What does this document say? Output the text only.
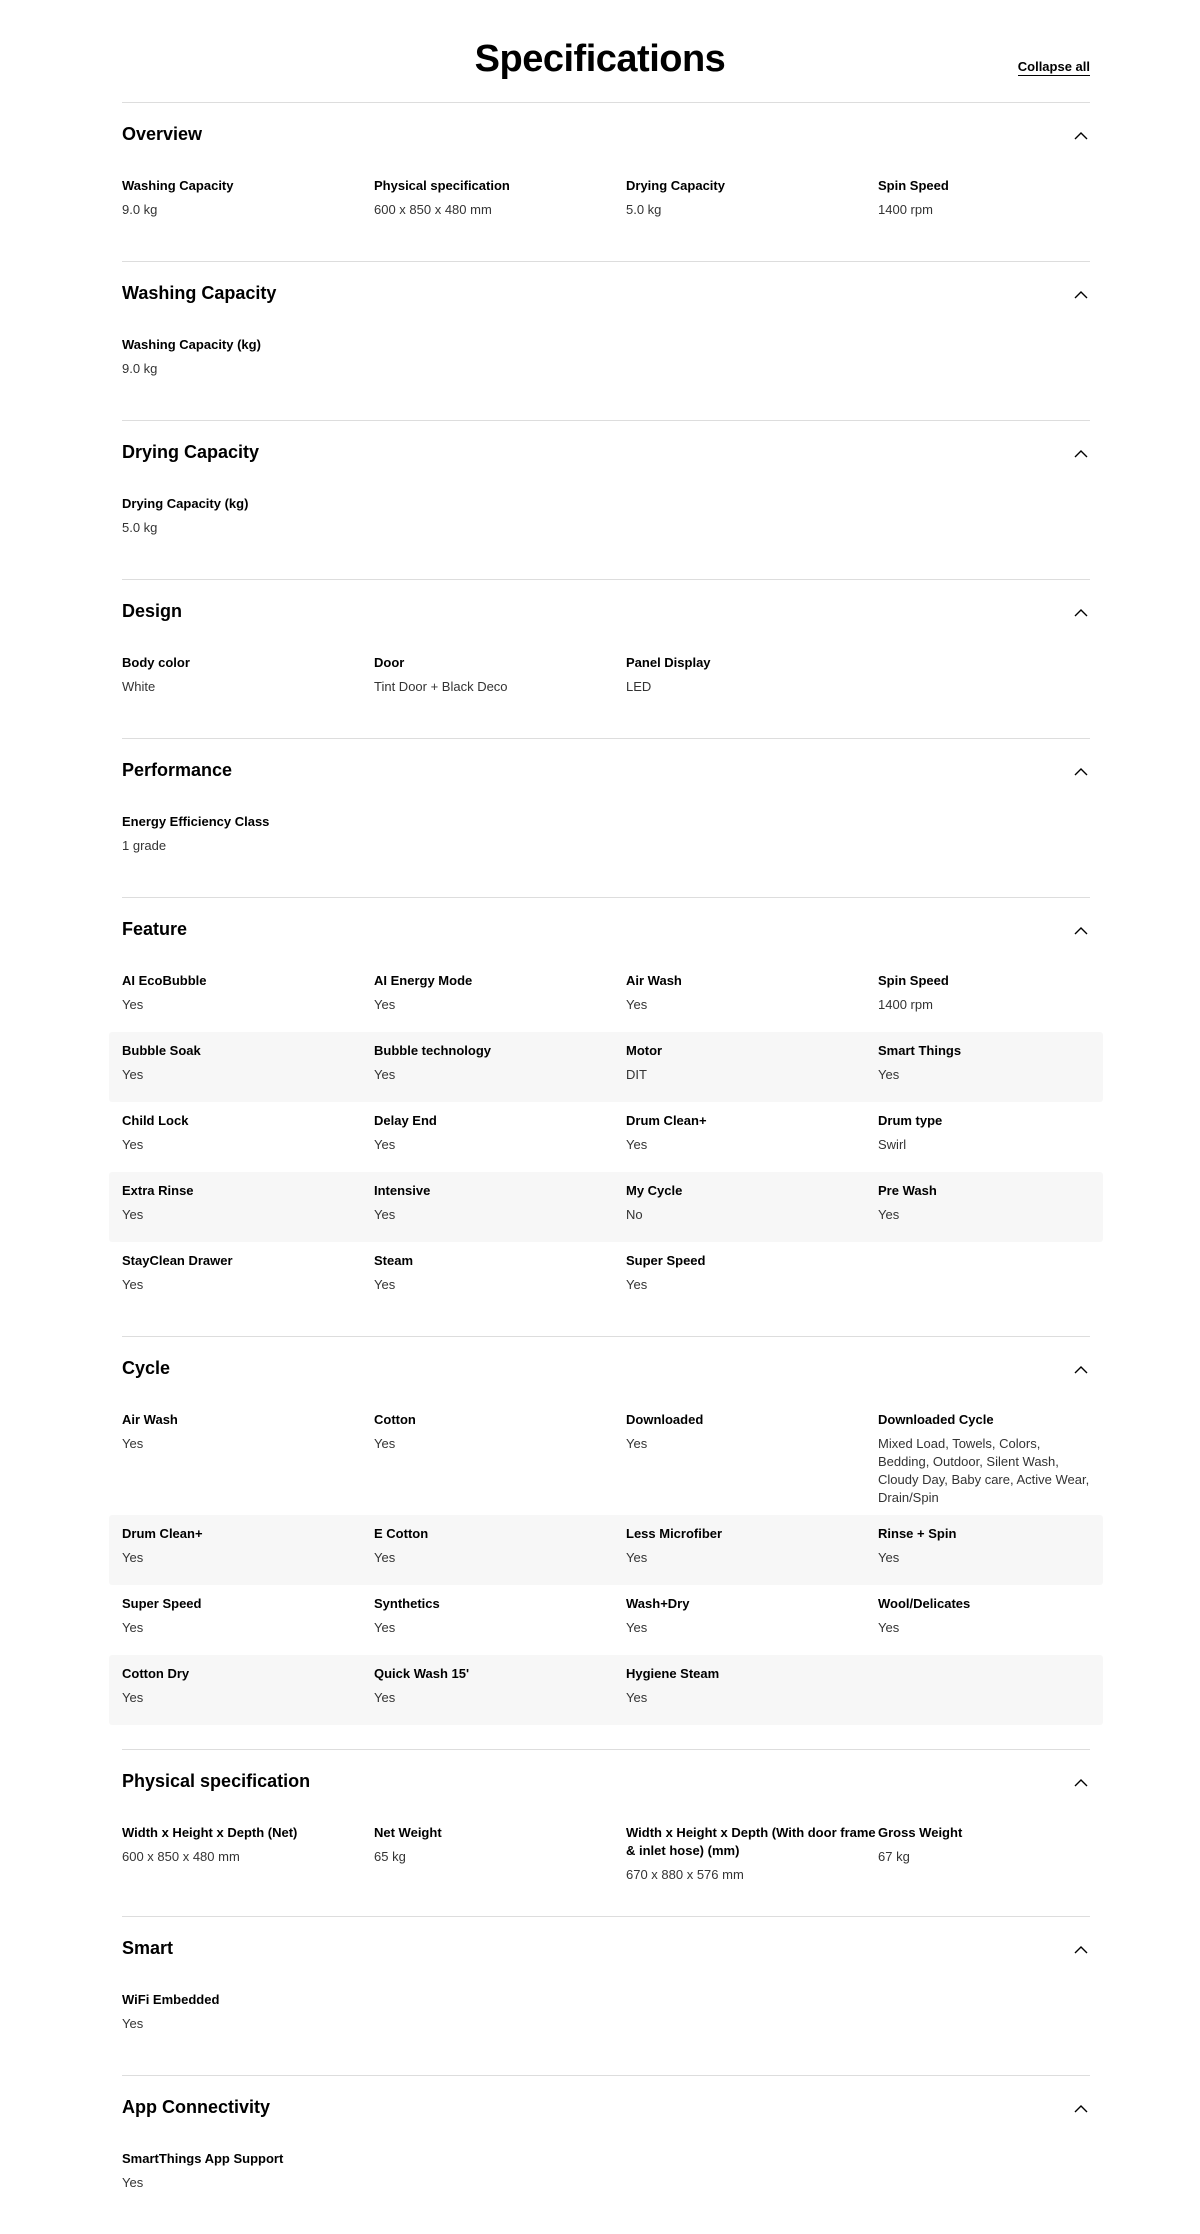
Specifications	Collapse all
Overview
Washing Capacity
9.0 kg
Physical specification
600 x 850 x 480 mm
Drying Capacity
5.0 kg
Spin Speed
1400 rpm
Washing Capacity
Washing Capacity (kg)
9.0 kg
Drying Capacity
Drying Capacity (kg)
5.0 kg
Design
Body color
White
Door
Tint Door + Black Deco
Panel Display
LED
Performance
Energy Efficiency Class
1 grade
Feature
AI EcoBubble
Yes
AI Energy Mode
Yes
Air Wash
Yes
Spin Speed
1400 rpm
Bubble Soak
Yes
Bubble technology
Yes
Motor
DIT
Smart Things
Yes
Child Lock
Yes
Delay End
Yes
Drum Clean+
Yes
Drum type
Swirl
Extra Rinse
Yes
Intensive
Yes
My Cycle
No
Pre Wash
Yes
StayClean Drawer
Yes
Steam
Yes
Super Speed
Yes
Cycle
Air Wash
Yes
Cotton
Yes
Downloaded
Yes
Downloaded Cycle
Mixed Load, Towels, Colors, Bedding, Outdoor, Silent Wash, Cloudy Day, Baby care, Active Wear, Drain/Spin
Drum Clean+
Yes
E Cotton
Yes
Less Microfiber
Yes
Rinse + Spin
Yes
Super Speed
Yes
Synthetics
Yes
Wash+Dry
Yes
Wool/Delicates
Yes
Cotton Dry
Yes
Quick Wash 15'
Yes
Hygiene Steam
Yes
Physical specification
Width x Height x Depth (Net)
600 x 850 x 480 mm
Net Weight
65 kg
Width x Height x Depth (With door frame & inlet hose) (mm)
670 x 880 x 576 mm
Gross Weight
67 kg
Smart
WiFi Embedded
Yes
App Connectivity
SmartThings App Support
Yes
